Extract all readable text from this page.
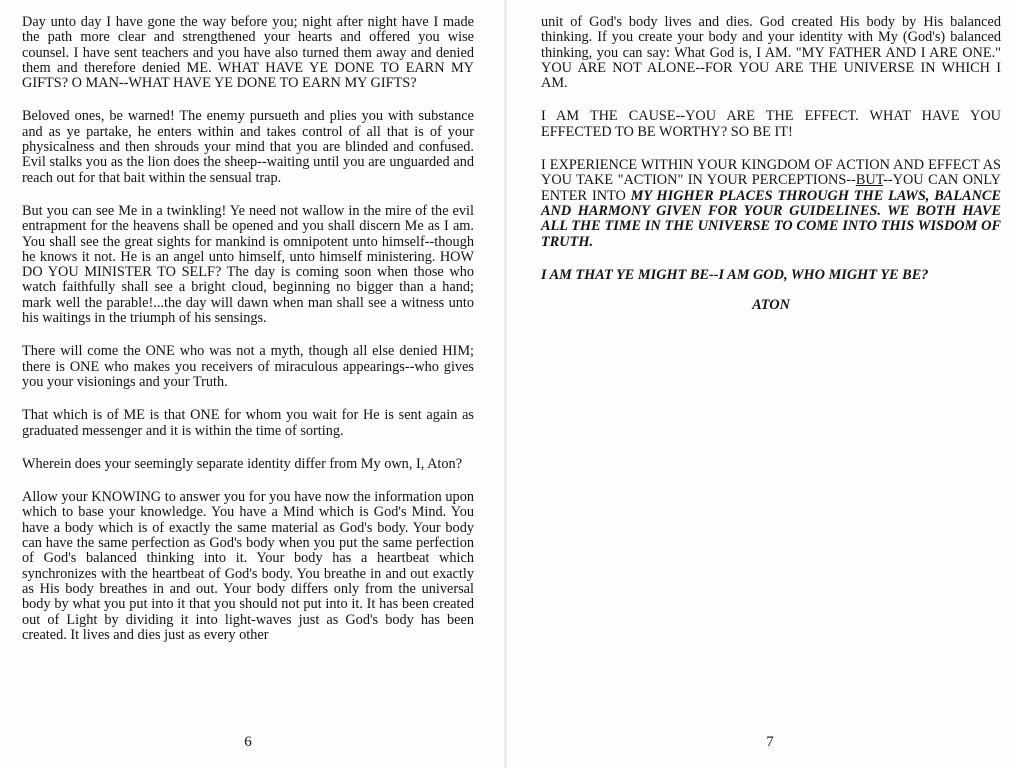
Day unto day I have gone the way before you; night after night have I made the path more clear and strengthened your hearts and offered you wise counsel. I have sent teachers and you have also turned them away and denied them and therefore denied ME. WHAT HAVE YE DONE TO EARN MY GIFTS? O MAN--WHAT HAVE YE DONE TO EARN MY GIFTS?

Beloved ones, be warned! The enemy pursueth and plies you with substance and as ye partake, he enters within and takes control of all that is of your physicalness and then shrouds your mind that you are blinded and confused. Evil stalks you as the lion does the sheep--waiting until you are unguarded and reach out for that bait within the sensual trap.

But you can see Me in a twinkling! Ye need not wallow in the mire of the evil entrapment for the heavens shall be opened and you shall discern Me as I am. You shall see the great sights for mankind is omnipotent unto himself--though he knows it not. He is an angel unto himself, unto himself ministering. HOW DO YOU MINISTER TO SELF? The day is coming soon when those who watch faithfully shall see a bright cloud, beginning no bigger than a hand; mark well the parable!...the day will dawn when man shall see a witness unto his waitings in the triumph of his sensings.

There will come the ONE who was not a myth, though all else denied HIM; there is ONE who makes you receivers of miraculous appearings--who gives you your visionings and your Truth.

That which is of ME is that ONE for whom you wait for He is sent again as graduated messenger and it is within the time of sorting.

Wherein does your seemingly separate identity differ from My own, I, Aton?

Allow your KNOWING to answer you for you have now the information upon which to base your knowledge. You have a Mind which is God's Mind. You have a body which is of exactly the same material as God's body. Your body can have the same perfection as God's body when you put the same perfection of God's balanced thinking into it. Your body has a heartbeat which synchronizes with the heartbeat of God's body. You breathe in and out exactly as His body breathes in and out. Your body differs only from the universal body by what you put into it that you should not put into it. It has been created out of Light by dividing it into light-waves just as God's body has been created. It lives and dies just as every other

6

unit of God's body lives and dies. God created His body by His balanced thinking. If you create your body and your identity with My (God's) balanced thinking, you can say: What God is, I AM. "MY FATHER AND I ARE ONE." YOU ARE NOT ALONE--FOR YOU ARE THE UNIVERSE IN WHICH I AM.

I AM THE CAUSE--YOU ARE THE EFFECT. WHAT HAVE YOU EFFECTED TO BE WORTHY? SO BE IT!

I EXPERIENCE WITHIN YOUR KINGDOM OF ACTION AND EFFECT AS YOU TAKE "ACTION" IN YOUR PERCEPTIONS--BUT--YOU CAN ONLY ENTER INTO MY HIGHER PLACES THROUGH THE LAWS, BALANCE AND HARMONY GIVEN FOR YOUR GUIDELINES. WE BOTH HAVE ALL THE TIME IN THE UNIVERSE TO COME INTO THIS WISDOM OF TRUTH.

I AM THAT YE MIGHT BE--I AM GOD, WHO MIGHT YE BE?

ATON

7
